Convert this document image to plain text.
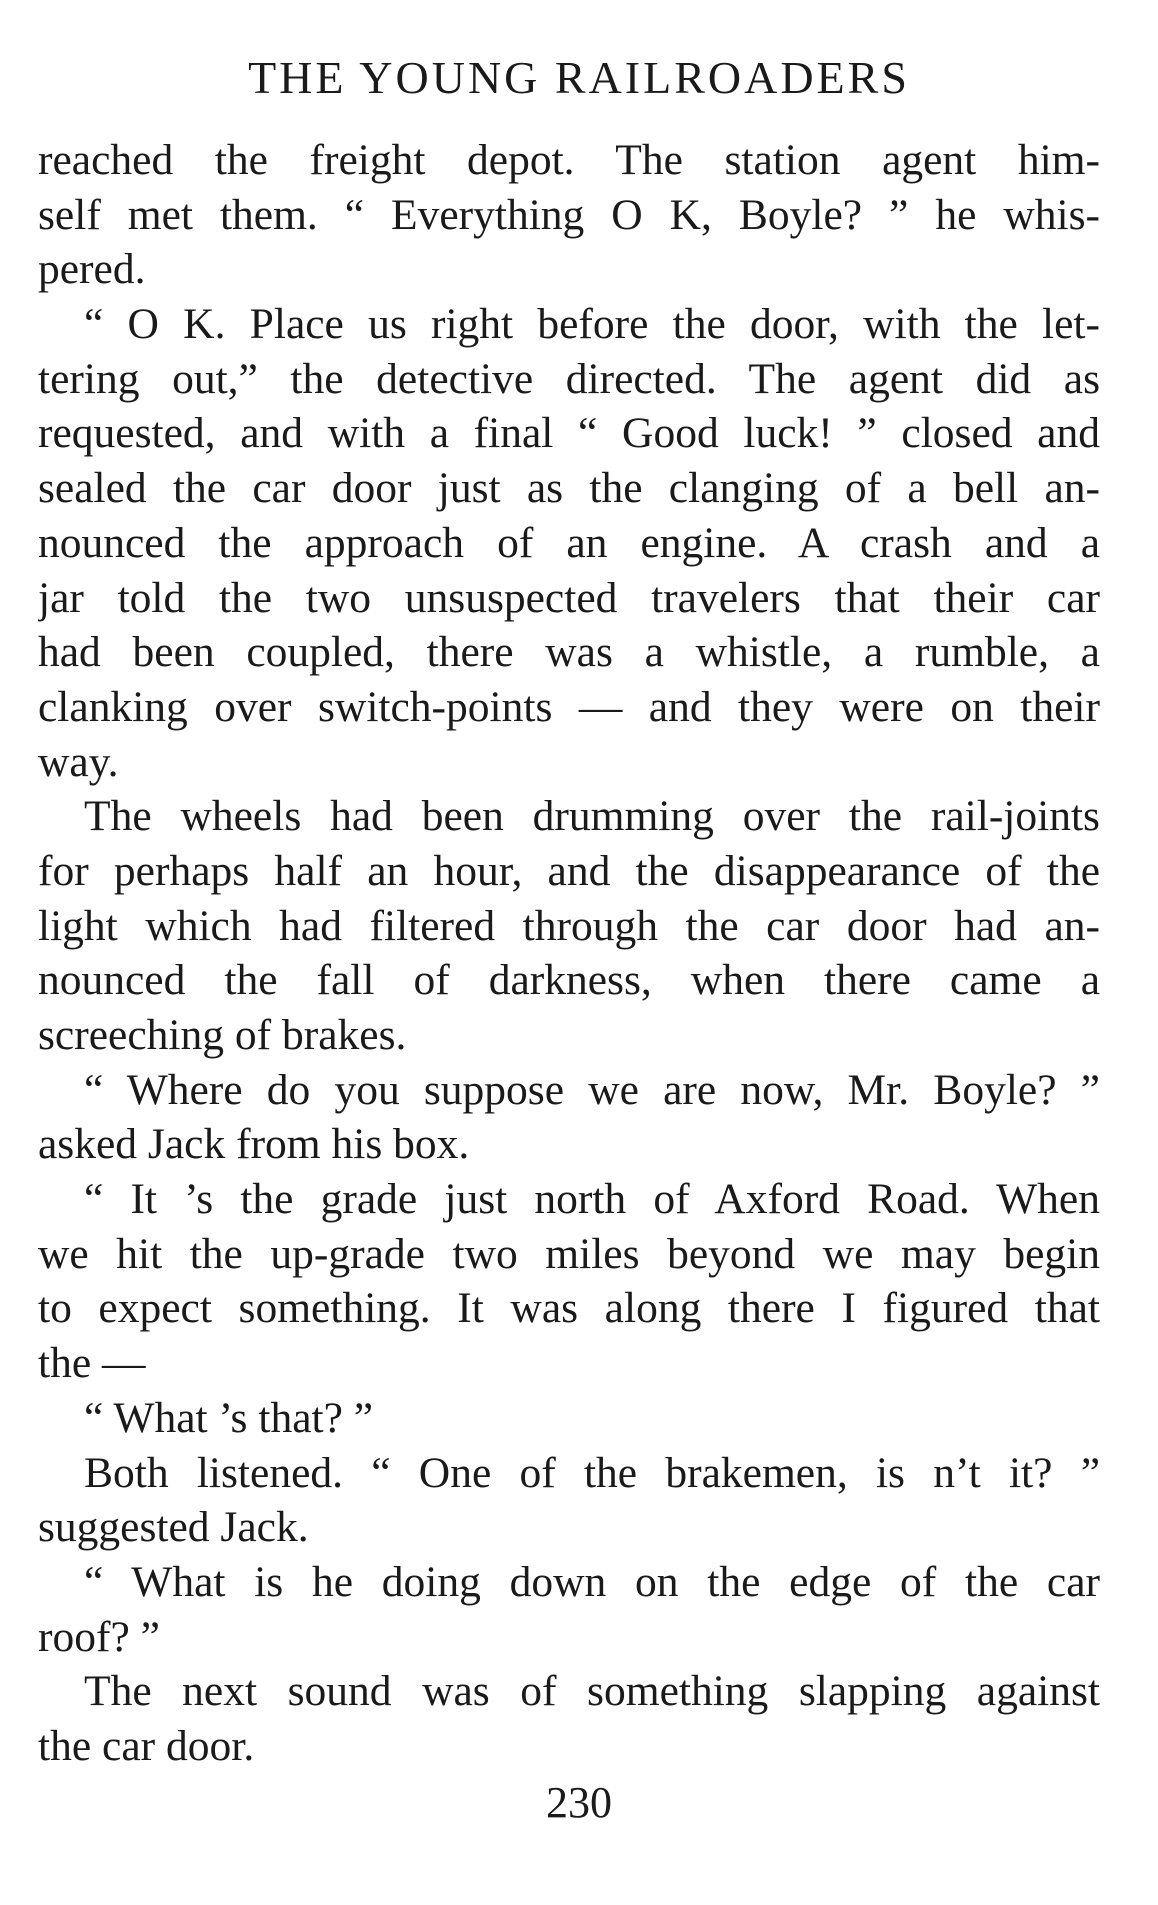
THE YOUNG RAILROADERS
reached the freight depot. The station agent him-
self met them. “ Everything O K, Boyle? ” he whis-
pered.
“ O K. Place us right before the door, with the let-
tering out,” the detective directed. The agent did as
requested, and with a final “ Good luck! ” closed and
sealed the car door just as the clanging of a bell an-
nounced the approach of an engine. A crash and a
jar told the two unsuspected travelers that their car
had been coupled, there was a whistle, a rumble, a
clanking over switch-points — and they were on their
way.
The wheels had been drumming over the rail-joints
for perhaps half an hour, and the disappearance of the
light which had filtered through the car door had an-
nounced the fall of darkness, when there came a
screeching of brakes.
“ Where do you suppose we are now, Mr. Boyle? ”
asked Jack from his box.
“ It ’s the grade just north of Axford Road. When
we hit the up-grade two miles beyond we may begin
to expect something. It was along there I figured that
the —
“ What ’s that? ”
Both listened. “ One of the brakemen, is n’t it? ”
suggested Jack.
“ What is he doing down on the edge of the car
roof? ”
The next sound was of something slapping against
the car door.
230
